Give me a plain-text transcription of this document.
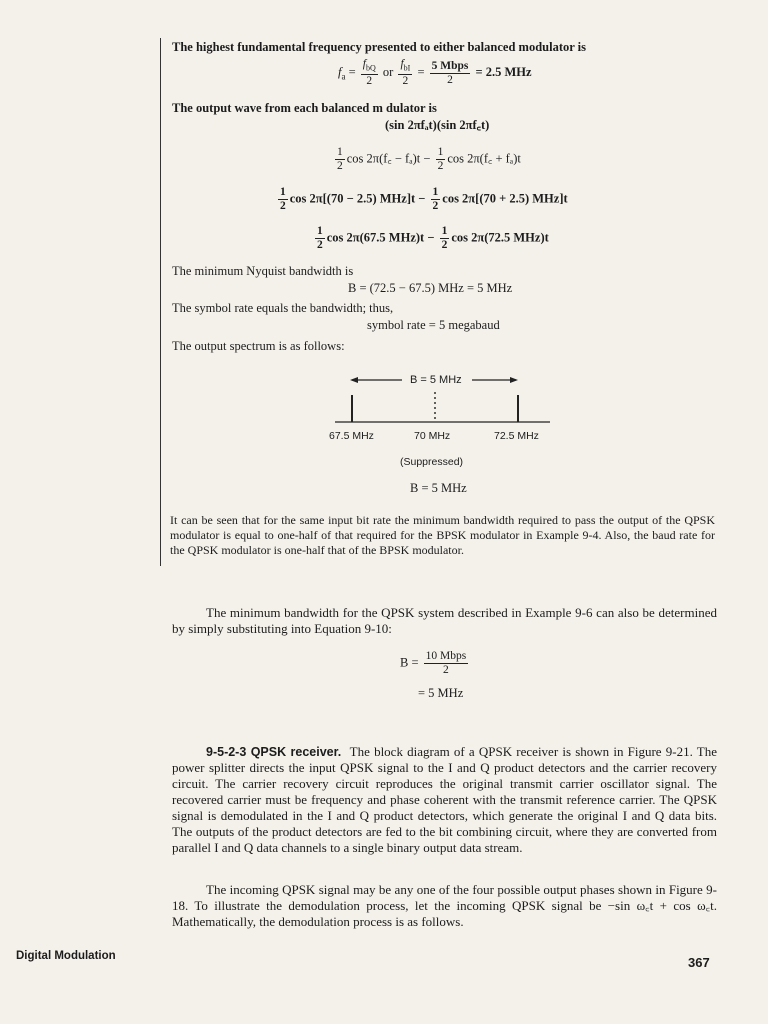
The highest fundamental frequency presented to either balanced modulator is
$f_a = \frac{f_{bQ}}{2}$ or $\frac{f_{bI}}{2} = \frac{\text{5 Mbps}}{2} = 2.5$ MHz
The output wave from each balanced m dulator is
(sin 2πfₐt)(sin 2πf꜀t)
$\frac{1}{2}$ cos 2π(f꜀ − $f_a)t - \frac{1}{2}$ cos 2π(f꜀ + fₐ)t
$\frac{1}{2}$ cos 2π[(70 − 2.5) $MHz]t - \frac{1}{2}$ cos 2π[(70 + 2.5) MHz]t
$\frac{1}{2}$ cos 2π(67.5 $MHz)t - \frac{1}{2}$ cos 2π(72.5 MHz)t
The minimum Nyquist bandwidth is
B = (72.5 − 67.5) MHz = 5 MHz
The symbol rate equals the bandwidth; thus,
symbol rate = 5 megabaud
The output spectrum is as follows:
B = 5 MHz
67.5 MHz	70 MHz	72.5 MHz
(Suppressed)
B = 5 MHz
It can be seen that for the same input bit rate the minimum bandwidth required to pass the output of the QPSK modulator is equal to one-half of that required for the BPSK modulator in Example 9-4. Also, the baud rate for the QPSK modulator is one-half that of the BPSK modulator.
The minimum bandwidth for the QPSK system described in Example 9-6 can also be determined by simply substituting into Equation 9-10:
$B = \frac{\text{10 Mbps}}{2}$
= 5 MHz
9-5-2-3 QPSK receiver. The block diagram of a QPSK receiver is shown in Figure 9-21. The power splitter directs the input QPSK signal to the I and Q product detectors and the carrier recovery circuit. The carrier recovery circuit reproduces the original transmit carrier oscillator signal. The recovered carrier must be frequency and phase coherent with the transmit reference carrier. The QPSK signal is demodulated in the I and Q product detectors, which generate the original I and Q data bits. The outputs of the product detectors are fed to the bit combining circuit, where they are converted from parallel I and Q data channels to a single binary output data stream.
The incoming QPSK signal may be any one of the four possible output phases shown in Figure 9-18. To illustrate the demodulation process, let the incoming QPSK signal be −sin ω꜀t + cos ω꜀t. Mathematically, the demodulation process is as follows.
Digital Modulation	367
